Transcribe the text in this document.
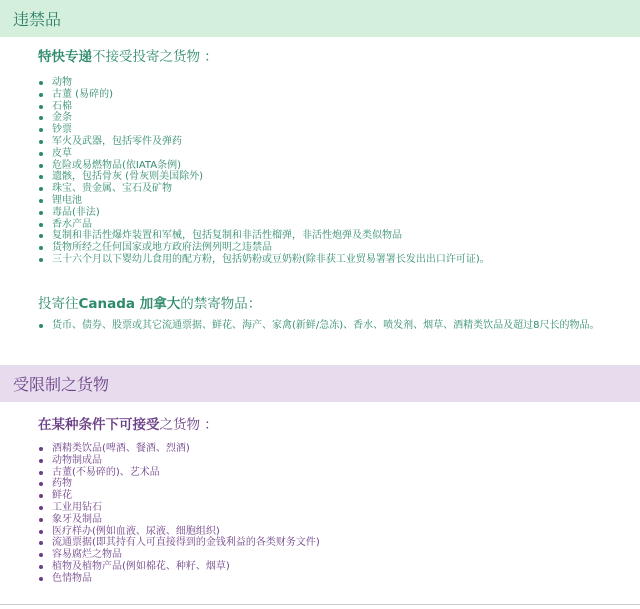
违禁品
特快专递不接受投寄之货物 ：
动物
古董 (易碎的)
石棉
金条
钞票
军火及武器，包括零件及弹药
皮草
危险或易燃物品(依IATA条例)
遗骸，包括骨灰 (骨灰则美国除外)
珠宝、贵金属、宝石及矿物
锂电池
毒品(非法)
香水产品
复制和非活性爆炸装置和军械，包括复制和非活性榴弹，非活性炮弹及类似物品
货物所经之任何国家或地方政府法例列明之违禁品
三十六个月以下婴幼儿食用的配方粉，包括奶粉或豆奶粉(除非获工业贸易署署长发出出口许可证)。
投寄往Canada 加拿大的禁寄物品：
货币、债券、股票或其它流通票据、鲜花、海产、家禽(新鲜/急冻)、香水、喷发剂、烟草、酒精类饮品及超过8尺长的物品。
受限制之货物
在某种条件下可接受之货物 ：
酒精类饮品(啤酒、餐酒、烈酒)
动物制成品
古董(不易碎的)、艺术品
药物
鲜花
工业用钻石
象牙及制品
医疗样办(例如血液、尿液、细胞组织)
流通票据(即其持有人可直接得到的金钱利益的各类财务文件)
容易腐烂之物品
植物及植物产品(例如棉花、种籽、烟草)
色情物品
